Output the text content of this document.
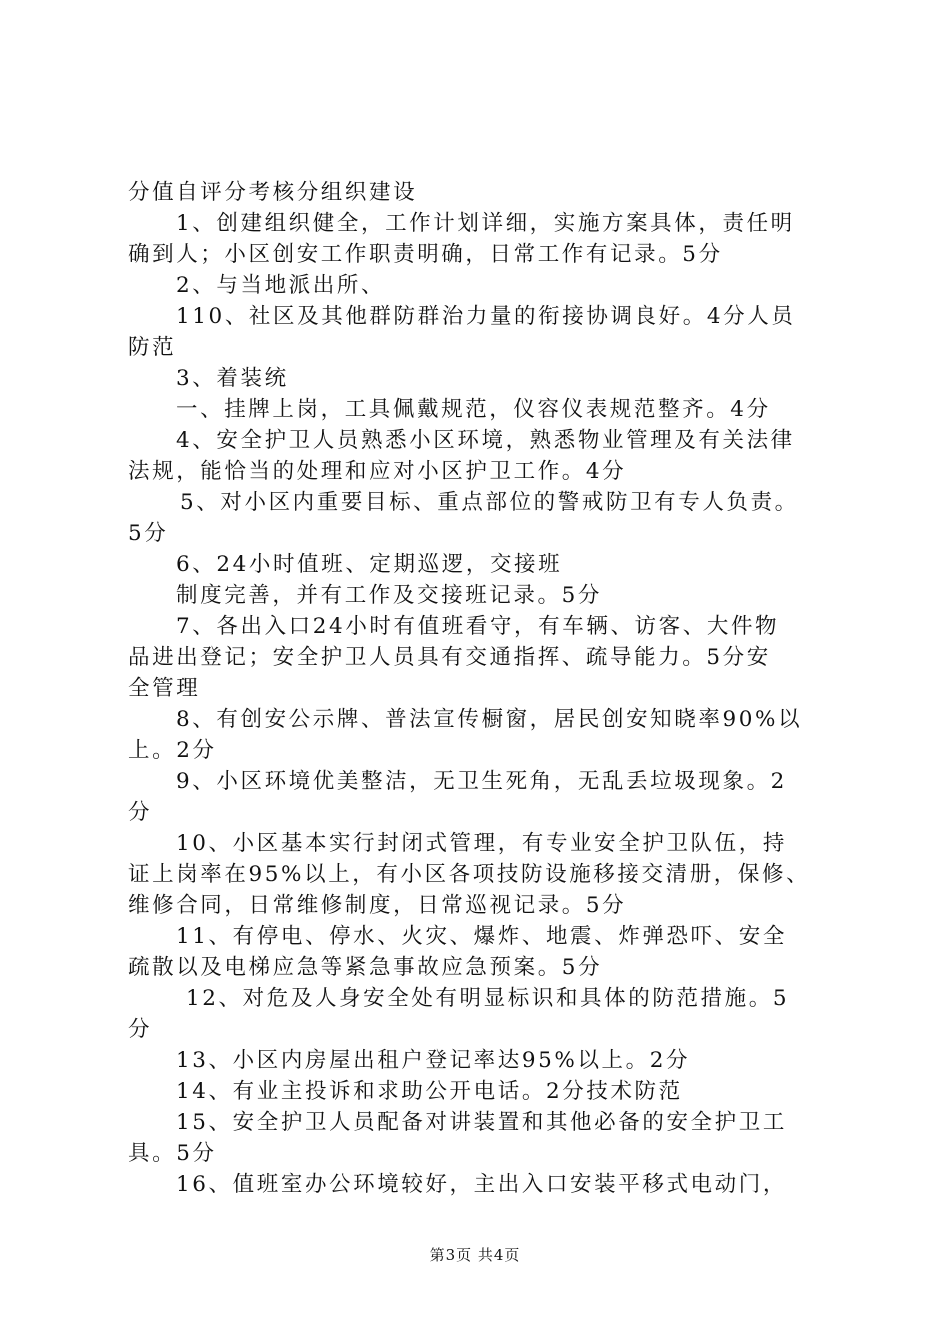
分值自评分考核分组织建设

1、创建组织健全，工作计划详细，实施方案具体，责任明

确到人；小区创安工作职责明确，日常工作有记录。5分

2、与当地派出所、

110、社区及其他群防群治力量的衔接协调良好。4分人员

防范

3、着装统

一、挂牌上岗，工具佩戴规范，仪容仪表规范整齐。4分

4、安全护卫人员熟悉小区环境，熟悉物业管理及有关法律

法规，能恰当的处理和应对小区护卫工作。4分

5、对小区内重要目标、重点部位的警戒防卫有专人负责。

5分

6、24小时值班、定期巡逻，交接班

制度完善，并有工作及交接班记录。5分

7、各出入口24小时有值班看守，有车辆、访客、大件物

品进出登记；安全护卫人员具有交通指挥、疏导能力。5分安

全管理

8、有创安公示牌、普法宣传橱窗，居民创安知晓率90%以

上。2分

9、小区环境优美整洁，无卫生死角，无乱丢垃圾现象。2

分

10、小区基本实行封闭式管理，有专业安全护卫队伍，持

证上岗率在95%以上，有小区各项技防设施移接交清册，保修、

维修合同，日常维修制度，日常巡视记录。5分

11、有停电、停水、火灾、爆炸、地震、炸弹恐吓、安全

疏散以及电梯应急等紧急事故应急预案。5分

12、对危及人身安全处有明显标识和具体的防范措施。5

分

13、小区内房屋出租户登记率达95%以上。2分

14、有业主投诉和求助公开电话。2分技术防范

15、安全护卫人员配备对讲装置和其他必备的安全护卫工

具。5分

16、值班室办公环境较好，主出入口安装平移式电动门，

第3页 共4页
